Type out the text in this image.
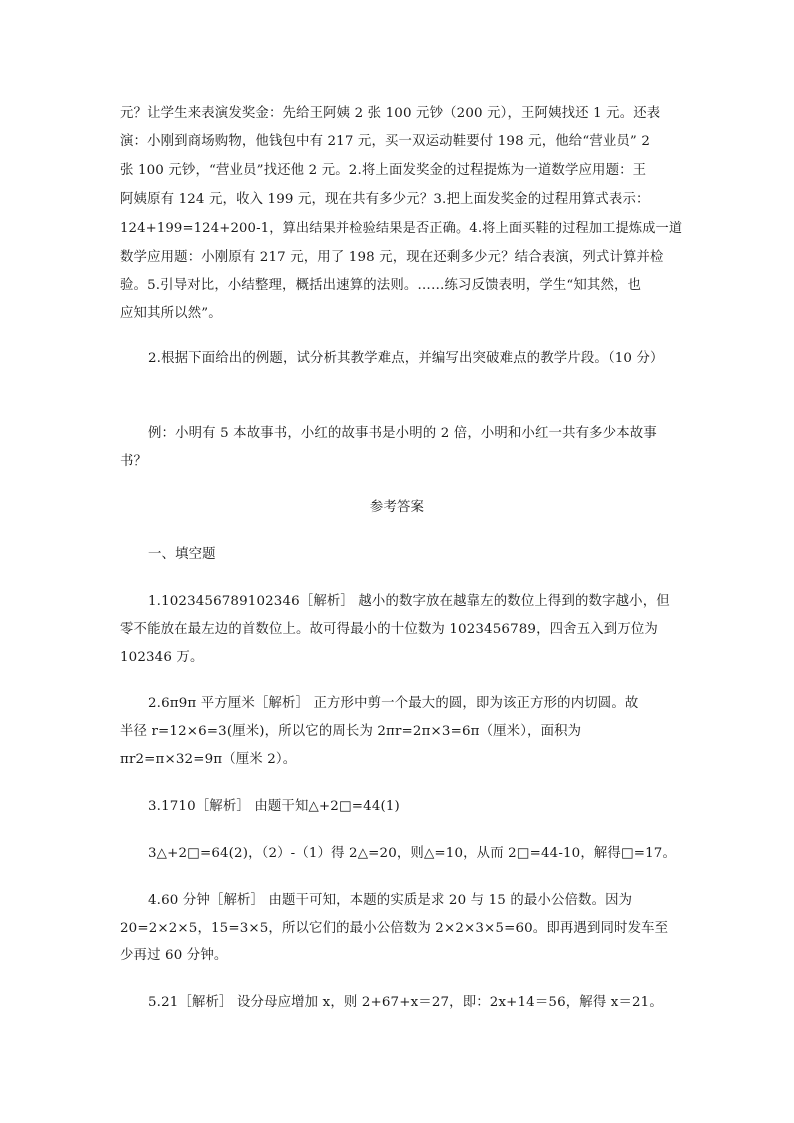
元？让学生来表演发奖金：先给王阿姨 2 张 100 元钞（200 元），王阿姨找还 1 元。还表
演：小刚到商场购物，他钱包中有 217 元，买一双运动鞋要付 198 元，他给“营业员” 2
张 100 元钞，“营业员”找还他 2 元。2.将上面发奖金的过程提炼为一道数学应用题：王
阿姨原有 124 元，收入 199 元，现在共有多少元？3.把上面发奖金的过程用算式表示：
124+199=124+200-1，算出结果并检验结果是否正确。4.将上面买鞋的过程加工提炼成一道
数学应用题：小刚原有 217 元，用了 198 元，现在还剩多少元？结合表演，列式计算并检
验。5.引导对比，小结整理，概括出速算的法则。……练习反馈表明，学生“知其然，也
应知其所以然”。
2.根据下面给出的例题，试分析其教学难点，并编写出突破难点的教学片段。（10 分）
例：小明有 5 本故事书，小红的故事书是小明的 2 倍，小明和小红一共有多少本故事
书？
参考答案
一、填空题
1.1023456789102346［解析］ 越小的数字放在越靠左的数位上得到的数字越小，但
零不能放在最左边的首数位上。故可得最小的十位数为 1023456789，四舍五入到万位为
102346 万。
2.6π9π 平方厘米［解析］ 正方形中剪一个最大的圆，即为该正方形的内切圆。故
半径 r=12×6=3(厘米)，所以它的周长为 2πr=2π×3=6π（厘米），面积为
πr2=π×32=9π（厘米 2）。
3.1710［解析］ 由题干知△+2□=44(1)
3△+2□=64(2)，（2）-（1）得 2△=20，则△=10，从而 2□=44-10，解得□=17。
4.60 分钟［解析］ 由题干可知，本题的实质是求 20 与 15 的最小公倍数。因为
20=2×2×5，15=3×5，所以它们的最小公倍数为 2×2×3×5=60。即再遇到同时发车至
少再过 60 分钟。
5.21［解析］ 设分母应增加 x，则 2+67+x＝27，即：2x+14＝56，解得 x＝21。
